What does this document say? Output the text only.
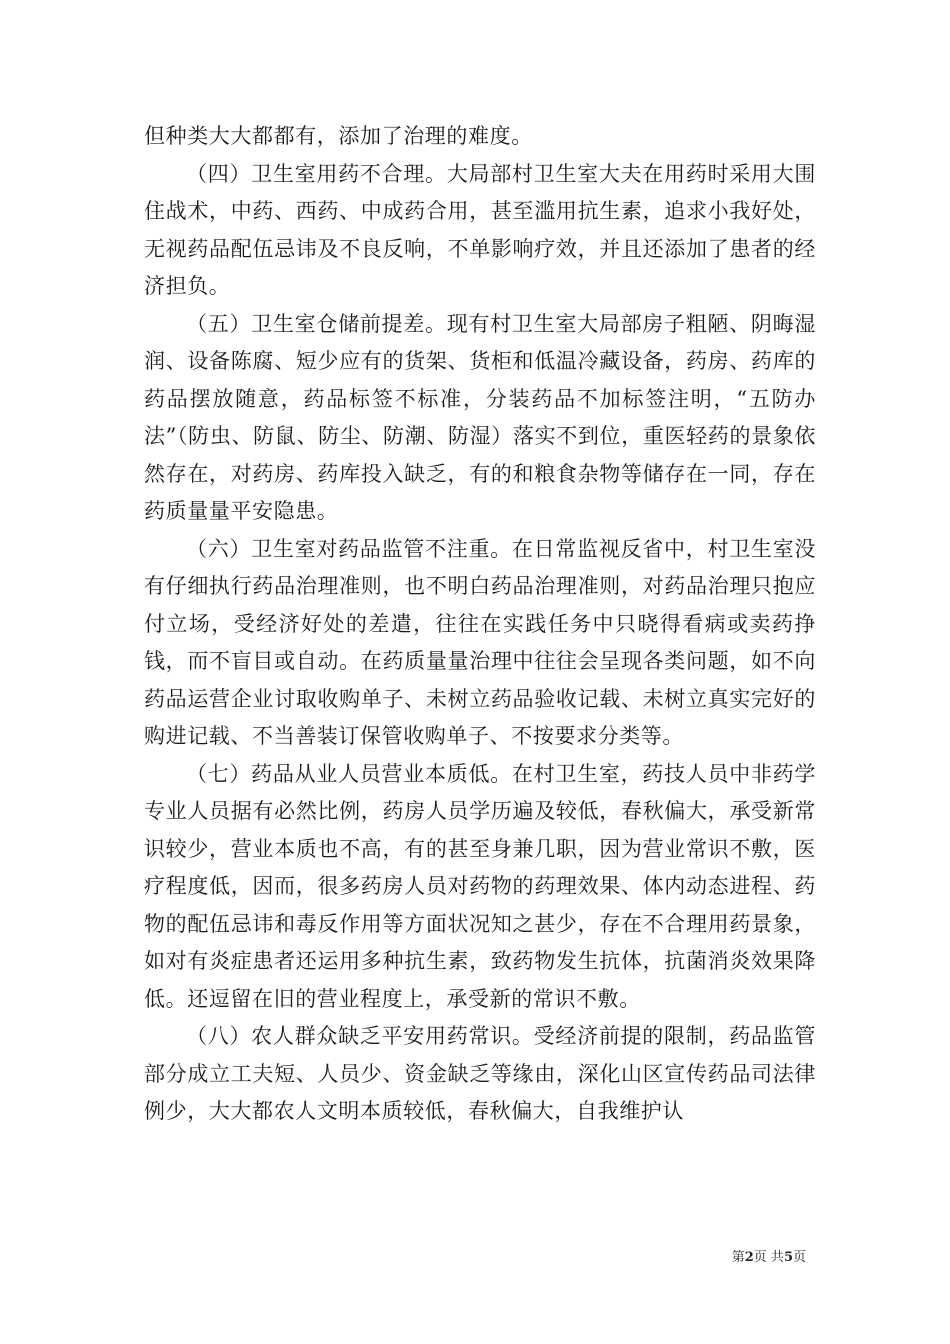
但种类大大都都有，添加了治理的难度。

（四）卫生室用药不合理。大局部村卫生室大夫在用药时采用大围住战术，中药、西药、中成药合用，甚至滥用抗生素，追求小我好处，无视药品配伍忌讳及不良反响，不单影响疗效，并且还添加了患者的经济担负。

（五）卫生室仓储前提差。现有村卫生室大局部房子粗陋、阴晦湿润、设备陈腐、短少应有的货架、货柜和低温冷藏设备，药房、药库的药品摆放随意，药品标签不标准，分装药品不加标签注明，“五防办法”（防虫、防鼠、防尘、防潮、防湿）落实不到位，重医轻药的景象依然存在，对药房、药库投入缺乏，有的和粮食杂物等储存在一同，存在药质量量平安隐患。

（六）卫生室对药品监管不注重。在日常监视反省中，村卫生室没有仔细执行药品治理准则，也不明白药品治理准则，对药品治理只抱应付立场，受经济好处的差遣，往往在实践任务中只晓得看病或卖药挣钱，而不盲目或自动。在药质量量治理中往往会呈现各类问题，如不向药品运营企业讨取收购单子、未树立药品验收记载、未树立真实完好的购进记载、不当善装订保管收购单子、不按要求分类等。

（七）药品从业人员营业本质低。在村卫生室，药技人员中非药学专业人员据有必然比例，药房人员学历遍及较低，春秋偏大，承受新常识较少，营业本质也不高，有的甚至身兼几职，因为营业常识不敷，医疗程度低，因而，很多药房人员对药物的药理效果、体内动态进程、药物的配伍忌讳和毒反作用等方面状况知之甚少，存在不合理用药景象，如对有炎症患者还运用多种抗生素，致药物发生抗体，抗菌消炎效果降低。还逗留在旧的营业程度上，承受新的常识不敷。

（八）农人群众缺乏平安用药常识。受经济前提的限制，药品监管部分成立工夫短、人员少、资金缺乏等缘由，深化山区宣传药品司法律例少，大大都农人文明本质较低，春秋偏大，自我维护认

第2页 共5页
